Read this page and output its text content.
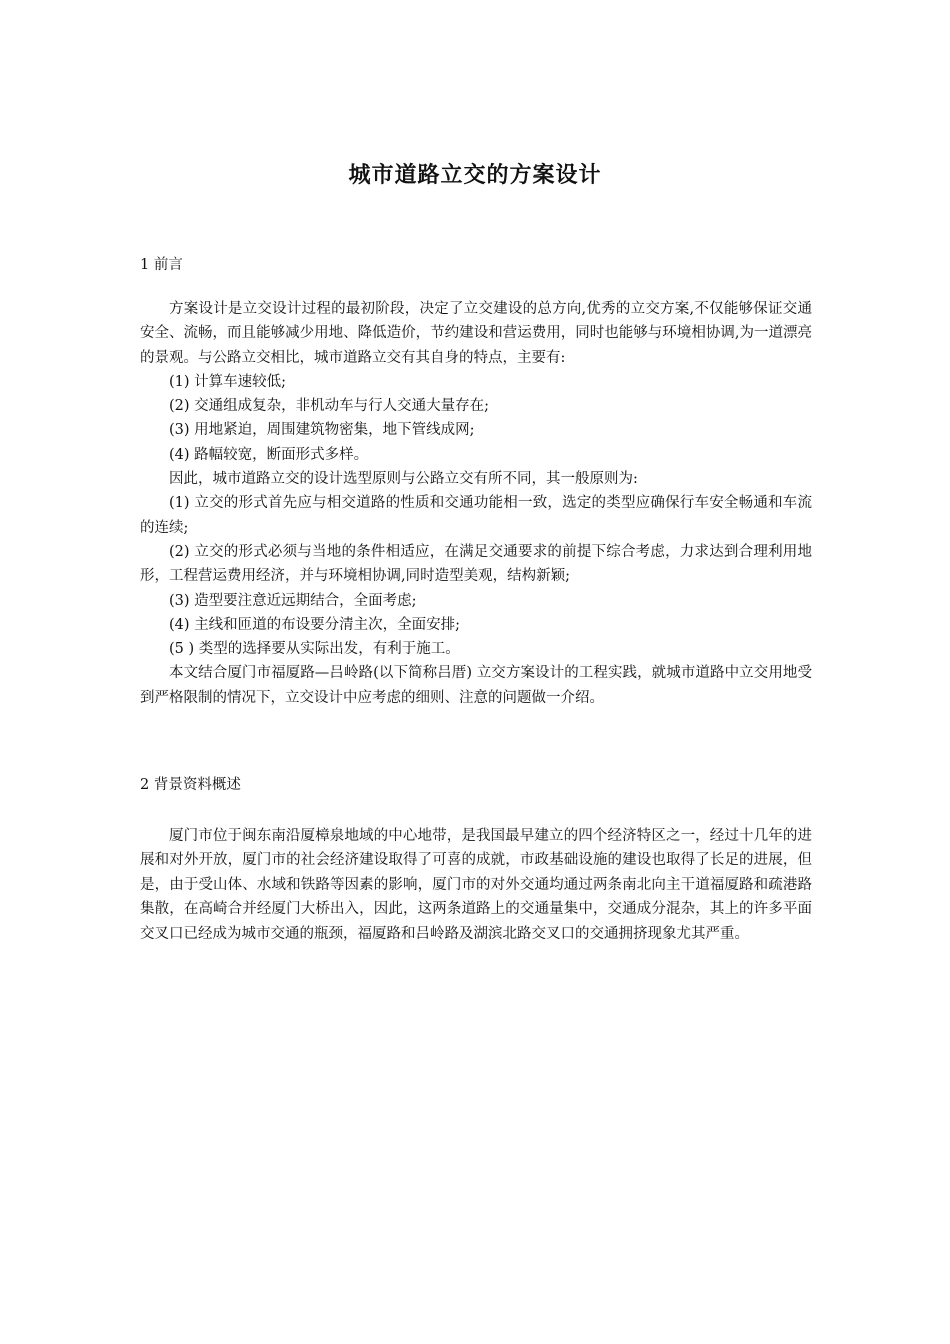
城市道路立交的方案设计
1 前言

方案设计是立交设计过程的最初阶段，决定了立交建设的总方向,优秀的立交方案,不仅能够保证交通安全、流畅，而且能够减少用地、降低造价，节约建设和营运费用，同时也能够与环境相协调,为一道漂亮的景观。与公路立交相比，城市道路立交有其自身的特点，主要有:

(1) 计算车速较低;

(2) 交通组成复杂，非机动车与行人交通大量存在;

(3) 用地紧迫，周围建筑物密集，地下管线成网;

(4) 路幅较宽，断面形式多样。

因此，城市道路立交的设计选型原则与公路立交有所不同，其一般原则为:

(1) 立交的形式首先应与相交道路的性质和交通功能相一致，选定的类型应确保行车安全畅通和车流的连续;

(2) 立交的形式必须与当地的条件相适应，在满足交通要求的前提下综合考虑，力求达到合理利用地形，工程营运费用经济，并与环境相协调,同时造型美观，结构新颖;

(3) 造型要注意近远期结合，全面考虑;

(4) 主线和匝道的布设要分清主次，全面安排;

(5 ) 类型的选择要从实际出发，有利于施工。

本文结合厦门市福厦路—吕岭路(以下简称吕厝) 立交方案设计的工程实践，就城市道路中立交用地受到严格限制的情况下，立交设计中应考虑的细则、注意的问题做一介绍。

2 背景资料概述

厦门市位于闽东南沿厦樟泉地域的中心地带，是我国最早建立的四个经济特区之一，经过十几年的进展和对外开放，厦门市的社会经济建设取得了可喜的成就，市政基础设施的建设也取得了长足的进展，但是，由于受山体、水域和铁路等因素的影响，厦门市的对外交通均通过两条南北向主干道福厦路和疏港路集散，在高崎合并经厦门大桥出入，因此，这两条道路上的交通量集中，交通成分混杂，其上的许多平面交叉口已经成为城市交通的瓶颈，福厦路和吕岭路及湖滨北路交叉口的交通拥挤现象尤其严重。
